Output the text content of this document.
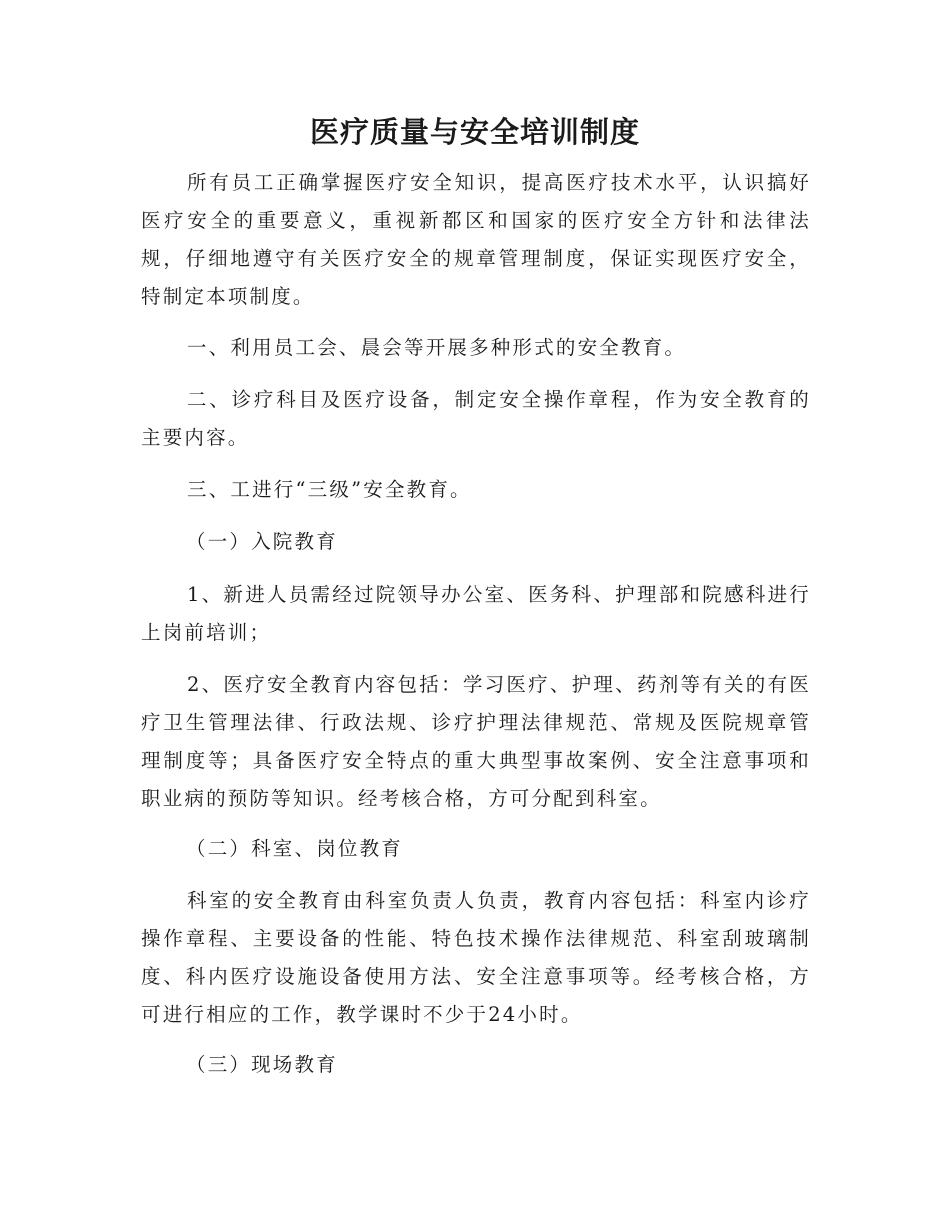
医疗质量与安全培训制度

所有员工正确掌握医疗安全知识，提高医疗技术水平，认识搞好医疗安全的重要意义，重视新都区和国家的医疗安全方针和法律法规，仔细地遵守有关医疗安全的规章管理制度，保证实现医疗安全，特制定本项制度。

一、利用员工会、晨会等开展多种形式的安全教育。

二、诊疗科目及医疗设备，制定安全操作章程，作为安全教育的主要内容。

三、工进行“三级”安全教育。

（一）入院教育

1、新进人员需经过院领导办公室、医务科、护理部和院感科进行上岗前培训；

2、医疗安全教育内容包括：学习医疗、护理、药剂等有关的有医疗卫生管理法律、行政法规、诊疗护理法律规范、常规及医院规章管理制度等；具备医疗安全特点的重大典型事故案例、安全注意事项和职业病的预防等知识。经考核合格，方可分配到科室。

（二）科室、岗位教育

科室的安全教育由科室负责人负责，教育内容包括：科室内诊疗操作章程、主要设备的性能、特色技术操作法律规范、科室刮玻璃制度、科内医疗设施设备使用方法、安全注意事项等。经考核合格，方可进行相应的工作，教学课时不少于24小时。

（三）现场教育
